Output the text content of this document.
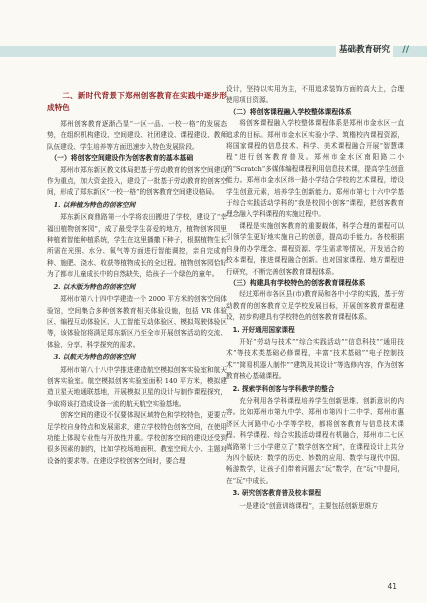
基础教育研究	//
二、新时代背景下郑州创客教育在实践中逐步形成特色

郑州创客教育逐渐凸显“一区一品、一校一格”的发展态势，在组织机构建设、空间建设、社团建设、课程建设、教师队伍建设、学生培养等方面迅速步入特色发展阶段。

（一）将创客空间建设作为创客教育的基本基础

郑州市郑东新区教文体局把基于劳动教育的创客空间建设作为重点，加大资金投入，建设了一批基于劳动教育的创客空间，形成了郑东新区“一校一格”的创客教育空间建设格局。

1. 以种植为特色的创客空间

郑东新区商鼎路第一小学将农田搬进了学校，建设了“幸福田植物创客园”，成了最受学生喜爱的地方，植物创客园里种植着智能种植系统，学生在这里播撒下种子，根据植物生长所需在光照、水分、氧气等方面进行智能调控，亲自完成育种、施肥、浇水、收获等植物成长的全过程。植物创客园恰好为了都市儿童成长中的自然缺失，给孩子一个绿色的童年。

2. 以木版为特色的创客空间

郑州市第八十四中学建造一个 2000 平方米的创客空间体验馆，空间集合多种创客教育相关体验设施，包括 VR 体验区、编程互动体验区、人工智能互动体验区、模拟驾驶体验区等，该体验馆将满足郑东新区乃至全市开展创客活动的交流、体验、分享、科学探究的需求。

3. 以航天为特色的创客空间

郑州市第八十八中学推进建造航空模拟创客实验室和航天创客实验室。航空模拟创客实验室面积 140 平方米，模拟建造卫星天地通联基地，开展模拟卫星的设计与制作课程探究，争取将该打造成设备一流的航天航空实验基地。

创客空间的建设不仅要体现区域特色和学校特色，更要立足学校自身特点和发展需求，建立学校特色创客空间，在使用功能上体现专业性与开放性并重。学校创客空间的建设还受到很多因素的制约，比如学校场地面积、教室空间大小、主题对设备的要求等。在建设学校创客空间时，要合理

设计，坚持以实用为主，不用追求装饰方面的高大上，合理使用项目资源。

（二）将创客课程融入学校整体课程体系

将创客课程融入学校整体课程体系是郑州市金水区一直追求的目标。郑州市金水区实验小学、筑楷校内课程资源，将国家课程的信息技术、科学、美术课程融合开展“智慧课程”进行创客教育普及。郑州市金水区南阳路二小的“Scratch”多媒体编程课程利用信息技术课，提高学生创意能力。郑州市金水区纬一路小学结合学校的艺术课程，增设学生创意元素，培养学生创新能力。郑州市第七十六中学基于综合实践活动学科的“我是校园小创客”课程，把创客教育理念融入学科课程的实施过程中。

课程是实施创客教育的重要载体，科学合理的课程可以引领学生更好地实施自己的创意，提高动手能力。各校根据自身的办学理念、课程资源、学生需求等情况，开发适合的校本课程，推进课程融合创新。也对国家课程、地方课程进行研究，不断完善创客教育课程体系。

（三）构建具有学校特色的创客教育课程体系

经过郑州市各区县(市)教育局和各中小学的实践，基于劳动教育的创客教育立足学校发展目标，开展创客教育课程建设，初步构建具有学校特色的创客教育课程体系。

1. 开好通用国家课程

开好“劳动与技术”“综合实践活动”“信息科技”“通用技术”等技术类基础必修课程，丰富“技术基础”“电子控制技术”“简易机器人制作”“建筑及其设计”等选修内容，作为创客教育核心基础课程。

2. 探索学科创客与学科教学的整合

充分利用各学科课程培养学生创新思维、创新意识的内容。比如郑州市第九中学、郑州市第四十二中学、郑州市惠济区大河路中心小学等学校，都将创客教育与信息技术课程、科学课程、综合实践活动课程有机融合，郑州市二七区嵩路第十三小学建立了“数学创客空间”，在课程设计上共分为四个版块：数学的历史、妙数的应用、数学与现代中国、畅游数学，让孩子们带着问题去“玩”数学，在“玩”中提问，在“玩”中成长。

3. 研究创客教育普及校本课程

一是建设“创意训练课程”，主要包括创新思维方

41
